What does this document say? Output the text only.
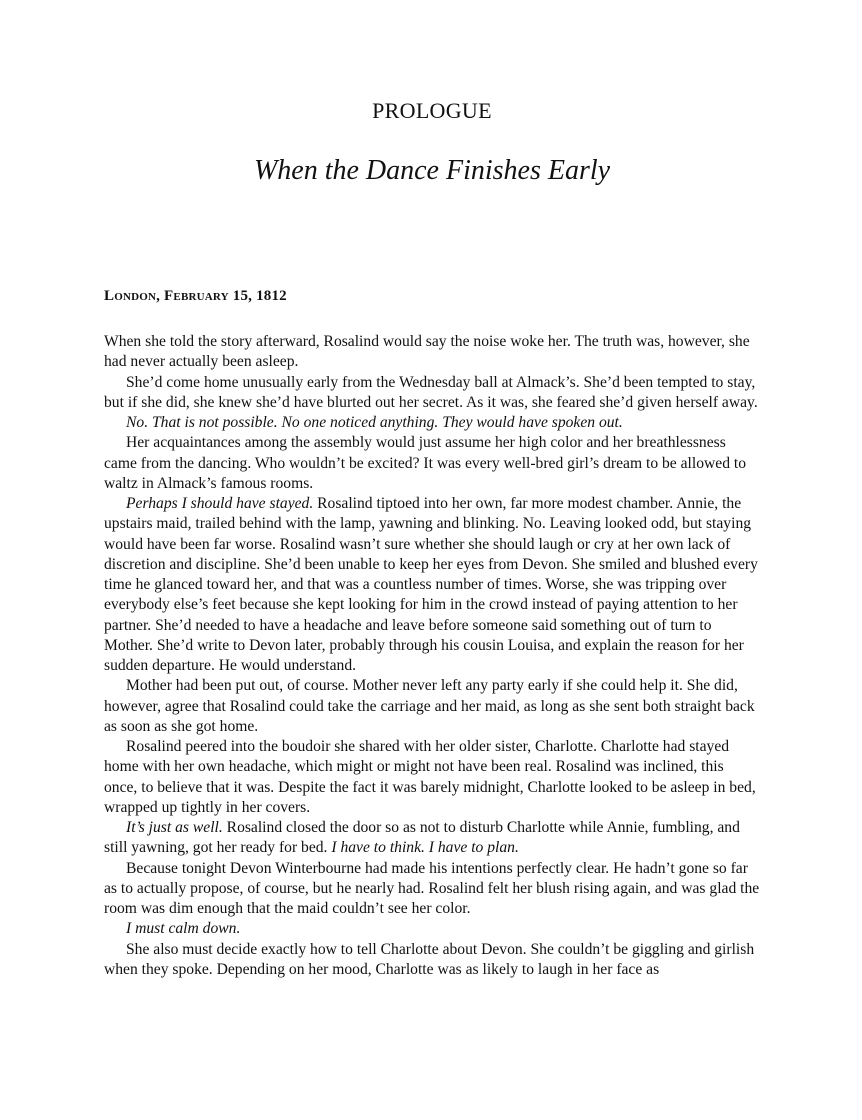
PROLOGUE
When the Dance Finishes Early
London, February 15, 1812

When she told the story afterward, Rosalind would say the noise woke her. The truth was, however, she had never actually been asleep.

She’d come home unusually early from the Wednesday ball at Almack’s. She’d been tempted to stay, but if she did, she knew she’d have blurted out her secret. As it was, she feared she’d given herself away.

No. That is not possible. No one noticed anything. They would have spoken out.

Her acquaintances among the assembly would just assume her high color and her breathlessness came from the dancing. Who wouldn’t be excited? It was every well-bred girl’s dream to be allowed to waltz in Almack’s famous rooms.

Perhaps I should have stayed. Rosalind tiptoed into her own, far more modest chamber. Annie, the upstairs maid, trailed behind with the lamp, yawning and blinking. No. Leaving looked odd, but staying would have been far worse. Rosalind wasn’t sure whether she should laugh or cry at her own lack of discretion and discipline. She’d been unable to keep her eyes from Devon. She smiled and blushed every time he glanced toward her, and that was a countless number of times. Worse, she was tripping over everybody else’s feet because she kept looking for him in the crowd instead of paying attention to her partner. She’d needed to have a headache and leave before someone said something out of turn to Mother. She’d write to Devon later, probably through his cousin Louisa, and explain the reason for her sudden departure. He would understand.

Mother had been put out, of course. Mother never left any party early if she could help it. She did, however, agree that Rosalind could take the carriage and her maid, as long as she sent both straight back as soon as she got home.

Rosalind peered into the boudoir she shared with her older sister, Charlotte. Charlotte had stayed home with her own headache, which might or might not have been real. Rosalind was inclined, this once, to believe that it was. Despite the fact it was barely midnight, Charlotte looked to be asleep in bed, wrapped up tightly in her covers.

It’s just as well. Rosalind closed the door so as not to disturb Charlotte while Annie, fumbling, and still yawning, got her ready for bed. I have to think. I have to plan.

Because tonight Devon Winterbourne had made his intentions perfectly clear. He hadn’t gone so far as to actually propose, of course, but he nearly had. Rosalind felt her blush rising again, and was glad the room was dim enough that the maid couldn’t see her color.

I must calm down.

She also must decide exactly how to tell Charlotte about Devon. She couldn’t be giggling and girlish when they spoke. Depending on her mood, Charlotte was as likely to laugh in her face as
